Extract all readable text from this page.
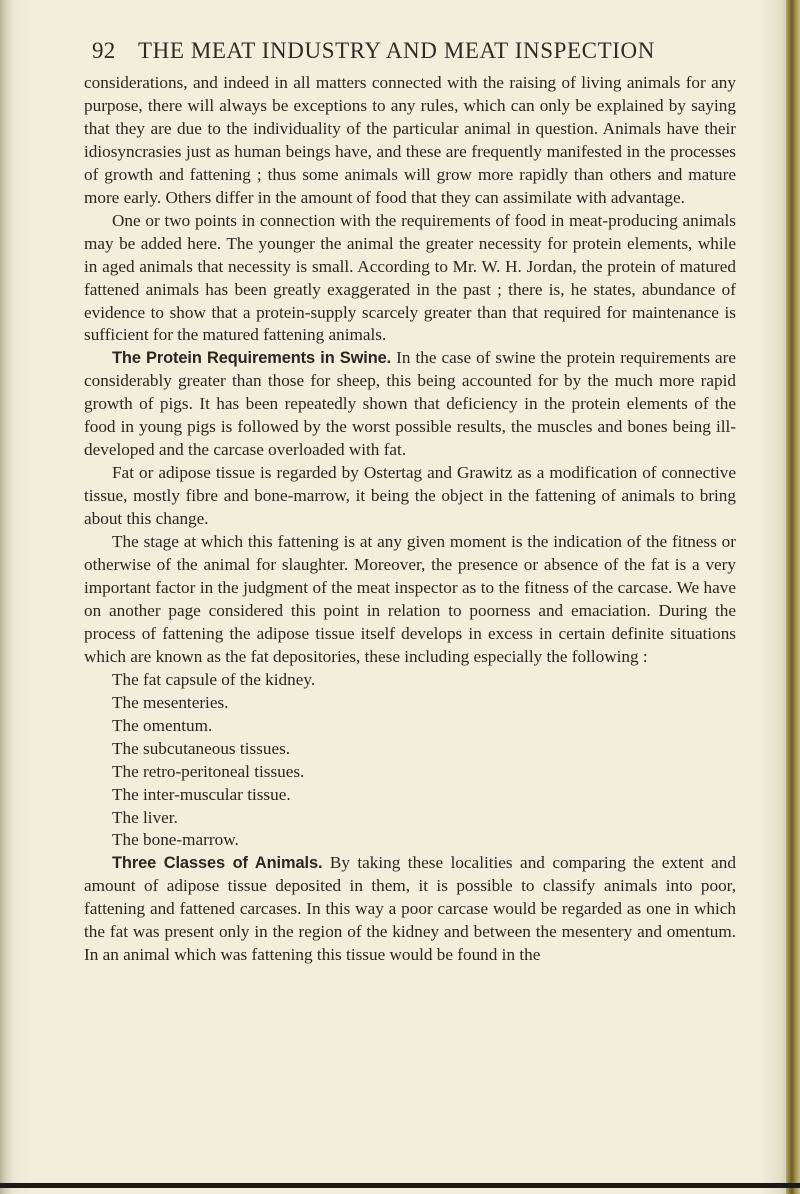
92 THE MEAT INDUSTRY AND MEAT INSPECTION

considerations, and indeed in all matters connected with the raising of living animals for any purpose, there will always be exceptions to any rules, which can only be explained by saying that they are due to the individuality of the particular animal in question. Animals have their idiosyncrasies just as human beings have, and these are frequently manifested in the processes of growth and fattening ; thus some animals will grow more rapidly than others and mature more early. Others differ in the amount of food that they can assimilate with advantage.

One or two points in connection with the requirements of food in meat-producing animals may be added here. The younger the animal the greater necessity for protein elements, while in aged animals that necessity is small. According to Mr. W. H. Jordan, the protein of matured fattened animals has been greatly exaggerated in the past ; there is, he states, abundance of evidence to show that a protein-supply scarcely greater than that required for maintenance is sufficient for the matured fattening animals.

The Protein Requirements in Swine. In the case of swine the protein requirements are considerably greater than those for sheep, this being accounted for by the much more rapid growth of pigs. It has been repeatedly shown that deficiency in the protein elements of the food in young pigs is followed by the worst possible results, the muscles and bones being ill-developed and the carcase overloaded with fat.

Fat or adipose tissue is regarded by Ostertag and Grawitz as a modification of connective tissue, mostly fibre and bone-marrow, it being the object in the fattening of animals to bring about this change.

The stage at which this fattening is at any given moment is the indication of the fitness or otherwise of the animal for slaughter. Moreover, the presence or absence of the fat is a very important factor in the judgment of the meat inspector as to the fitness of the carcase. We have on another page considered this point in relation to poorness and emaciation. During the process of fattening the adipose tissue itself develops in excess in certain definite situations which are known as the fat depositories, these including especially the following :

The fat capsule of the kidney.
The mesenteries.
The omentum.
The subcutaneous tissues.
The retro-peritoneal tissues.
The inter-muscular tissue.
The liver.
The bone-marrow.

Three Classes of Animals. By taking these localities and comparing the extent and amount of adipose tissue deposited in them, it is possible to classify animals into poor, fattening and fattened carcases. In this way a poor carcase would be regarded as one in which the fat was present only in the region of the kidney and between the mesentery and omentum. In an animal which was fattening this tissue would be found in the
